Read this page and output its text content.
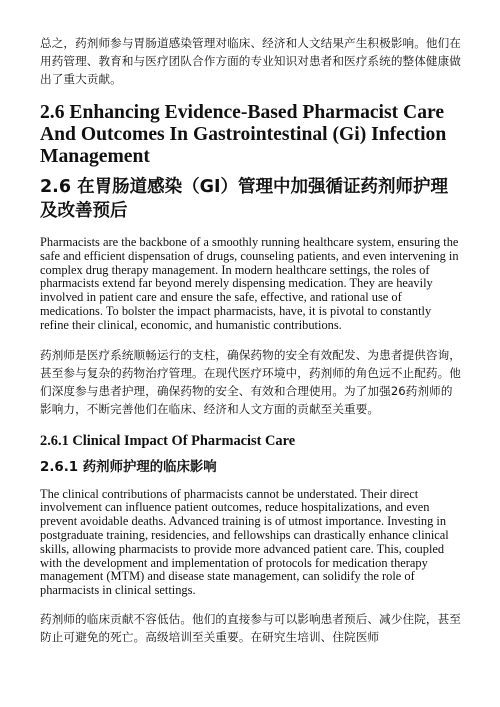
总之，药剂师参与胃肠道感染管理对临床、经济和人文结果产生积极影响。他们在用药管理、教育和与医疗团队合作方面的专业知识对患者和医疗系统的整体健康做出了重大贡献。

2.6 Enhancing Evidence-Based Pharmacist Care And Outcomes In Gastrointestinal (Gi) Infection Management
2.6 在胃肠道感染（GI）管理中加强循证药剂师护理及改善预后

Pharmacists are the backbone of a smoothly running healthcare system, ensuring the safe and efficient dispensation of drugs, counseling patients, and even intervening in complex drug therapy management. In modern healthcare settings, the roles of pharmacists extend far beyond merely dispensing medication. They are heavily involved in patient care and ensure the safe, effective, and rational use of medications. To bolster the impact pharmacists, have, it is pivotal to constantly refine their clinical, economic, and humanistic contributions.

药剂师是医疗系统顺畅运行的支柱，确保药物的安全有效配发、为患者提供咨询，甚至参与复杂的药物治疗管理。在现代医疗环境中，药剂师的角色远不止配药。他们深度参与患者护理，确保药物的安全、有效和合理使用。为了加强26药剂师的影响力，不断完善他们在临床、经济和人文方面的贡献至关重要。

2.6.1 Clinical Impact Of Pharmacist Care
2.6.1 药剂师护理的临床影响

The clinical contributions of pharmacists cannot be understated. Their direct involvement can influence patient outcomes, reduce hospitalizations, and even prevent avoidable deaths. Advanced training is of utmost importance. Investing in postgraduate training, residencies, and fellowships can drastically enhance clinical skills, allowing pharmacists to provide more advanced patient care. This, coupled with the development and implementation of protocols for medication therapy management (MTM) and disease state management, can solidify the role of pharmacists in clinical settings.

药剂师的临床贡献不容低估。他们的直接参与可以影响患者预后、减少住院，甚至防止可避免的死亡。高级培训至关重要。在研究生培训、住院医师
